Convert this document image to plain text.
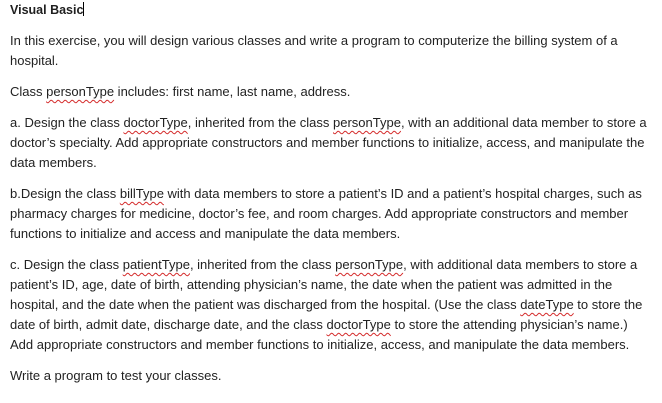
Visual Basic

In this exercise, you will design various classes and write a program to computerize the billing system of a hospital.

Class personType includes: first name, last name, address.

a. Design the class doctorType, inherited from the class personType, with an additional data member to store a doctor’s specialty. Add appropriate constructors and member functions to initialize, access, and manipulate the data members.

b.Design the class billType with data members to store a patient’s ID and a patient’s hospital charges, such as pharmacy charges for medicine, doctor’s fee, and room charges. Add appropriate constructors and member functions to initialize and access and manipulate the data members.

c. Design the class patientType, inherited from the class personType, with additional data members to store a patient’s ID, age, date of birth, attending physician’s name, the date when the patient was admitted in the hospital, and the date when the patient was discharged from the hospital. (Use the class dateType to store the date of birth, admit date, discharge date, and the class doctorType to store the attending physician’s name.) Add appropriate constructors and member functions to initialize, access, and manipulate the data members.

Write a program to test your classes.
